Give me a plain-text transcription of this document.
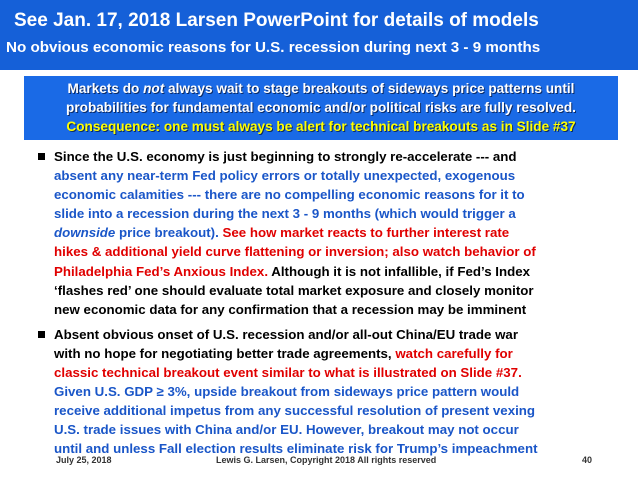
See Jan. 17, 2018 Larsen PowerPoint for details of models
No obvious economic reasons for U.S. recession during next 3 - 9 months
Markets do not always wait to stage breakouts of sideways price patterns until
probabilities for fundamental economic and/or political risks are fully resolved.
Consequence: one must always be alert for technical breakouts as in Slide #37
Since the U.S. economy is just beginning to strongly re-accelerate --- and
absent any near-term Fed policy errors or totally unexpected, exogenous
economic calamities --- there are no compelling economic reasons for it to
slide into a recession during the next 3 - 9 months (which would trigger a
downside price breakout). See how market reacts to further interest rate
hikes & additional yield curve flattening or inversion; also watch behavior of
Philadelphia Fed’s Anxious Index. Although it is not infallible, if Fed’s Index
‘flashes red’ one should evaluate total market exposure and closely monitor
new economic data for any confirmation that a recession may be imminent
Absent obvious onset of U.S. recession and/or all-out China/EU trade war
with no hope for negotiating better trade agreements, watch carefully for
classic technical breakout event similar to what is illustrated on Slide #37.
Given U.S. GDP ≥ 3%, upside breakout from sideways price pattern would
receive additional impetus from any successful resolution of present vexing
U.S. trade issues with China and/or EU. However, breakout may not occur
until and unless Fall election results eliminate risk for Trump’s impeachment
July 25, 2018	Lewis G. Larsen, Copyright 2018 All rights reserved	40
